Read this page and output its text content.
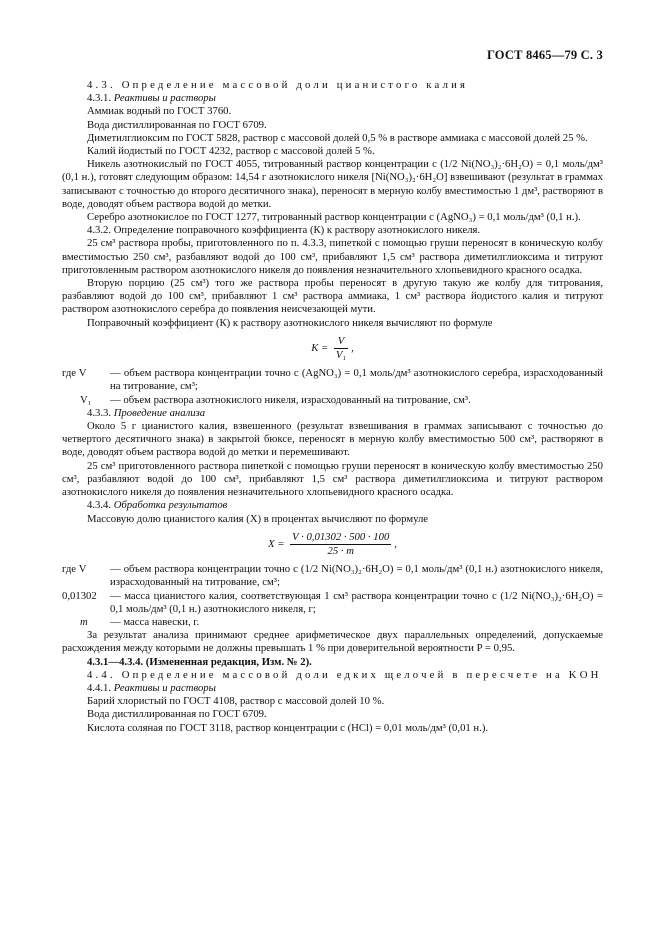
ГОСТ 8465—79 С. 3

4.3. Определение массовой доли цианистого калия

4.3.1. Реактивы и растворы

Аммиак водный по ГОСТ 3760.

Вода дистиллированная по ГОСТ 6709.

Диметилглиоксим по ГОСТ 5828, раствор с массовой долей 0,5 % в растворе аммиака с массовой долей 25 %.

Калий йодистый по ГОСТ 4232, раствор с массовой долей 5 %.

Никель азотнокислый по ГОСТ 4055, титрованный раствор концентрации с (1/2 Ni(NO₃)₂·6H₂O) = 0,1 моль/дм³ (0,1 н.), готовят следующим образом: 14,54 г азотнокислого никеля [Ni(NO₃)₂·6H₂O] взвешивают (результат в граммах записывают с точностью до второго десятичного знака), переносят в мерную колбу вместимостью 1 дм³, растворяют в воде, доводят объем раствора водой до метки.

Серебро азотнокислое по ГОСТ 1277, титрованный раствор концентрации с (AgNO₃) = 0,1 моль/дм³ (0,1 н.).

4.3.2. Определение поправочного коэффициента (К) к раствору азотнокислого никеля.

25 см³ раствора пробы, приготовленного по п. 4.3.3, пипеткой с помощью груши переносят в коническую колбу вместимостью 250 см³, разбавляют водой до 100 см³, прибавляют 1,5 см³ раствора диметилглиоксима и титруют приготовленным раствором азотнокислого никеля до появления незначительного хлопьевидного красного осадка.

Вторую порцию (25 см³) того же раствора пробы переносят в другую такую же колбу для титрования, разбавляют водой до 100 см³, прибавляют 1 см³ раствора аммиака, 1 см³ раствора йодистого калия и титруют раствором азотнокислого серебра до появления неисчезающей мути.

Поправочный коэффициент (К) к раствору азотнокислого никеля вычисляют по формуле

$K = \frac{V}{\text{V₁}}$ ,
где V	— объем раствора концентрации точно с (AgNO₃) = 0,1 моль/дм³ азотнокислого серебра, израсходованный на титрование, см³;
V₁	— объем раствора азотнокислого никеля, израсходованный на титрование, см³.

4.3.3. Проведение анализа

Около 5 г цианистого калия, взвешенного (результат взвешивания в граммах записывают с точностью до четвертого десятичного знака) в закрытой бюксе, переносят в мерную колбу вместимостью 500 см³, растворяют в воде, доводят объем раствора водой до метки и перемешивают.

25 см³ приготовленного раствора пипеткой с помощью груши переносят в коническую колбу вместимостью 250 см³, разбавляют водой до 100 см³, прибавляют 1,5 см³ раствора диметилглиоксима и титруют раствором азотнокислого никеля до появления незначительного хлопьевидного красного осадка.

4.3.4. Обработка результатов

Массовую долю цианистого калия (X) в процентах вычисляют по формуле

$X = \frac{V \cdot 0,01302 \cdot 500 \cdot 100}{25 \cdot m}$ ,
где V	— объем раствора концентрации точно с (1/2 Ni(NO₃)₂·6H₂O) = 0,1 моль/дм³ (0,1 н.) азотнокислого никеля, израсходованный на титрование, см³;
0,01302	— масса цианистого калия, соответствующая 1 см³ раствора концентрации точно с (1/2 Ni(NO₃)₂·6H₂O) = 0,1 моль/дм³ (0,1 н.) азотнокислого никеля, г;
m	— масса навески, г.

За результат анализа принимают среднее арифметическое двух параллельных определений, допускаемые расхождения между которыми не должны превышать 1 % при доверительной вероятности P = 0,95.

4.3.1—4.3.4. (Измененная редакция, Изм. № 2).

4.4. Определение массовой доли едких щелочей в пересчете на KOH

4.4.1. Реактивы и растворы

Барий хлористый по ГОСТ 4108, раствор с массовой долей 10 %.

Вода дистиллированная по ГОСТ 6709.

Кислота соляная по ГОСТ 3118, раствор концентрации с (HCl) = 0,01 моль/дм³ (0,01 н.).
